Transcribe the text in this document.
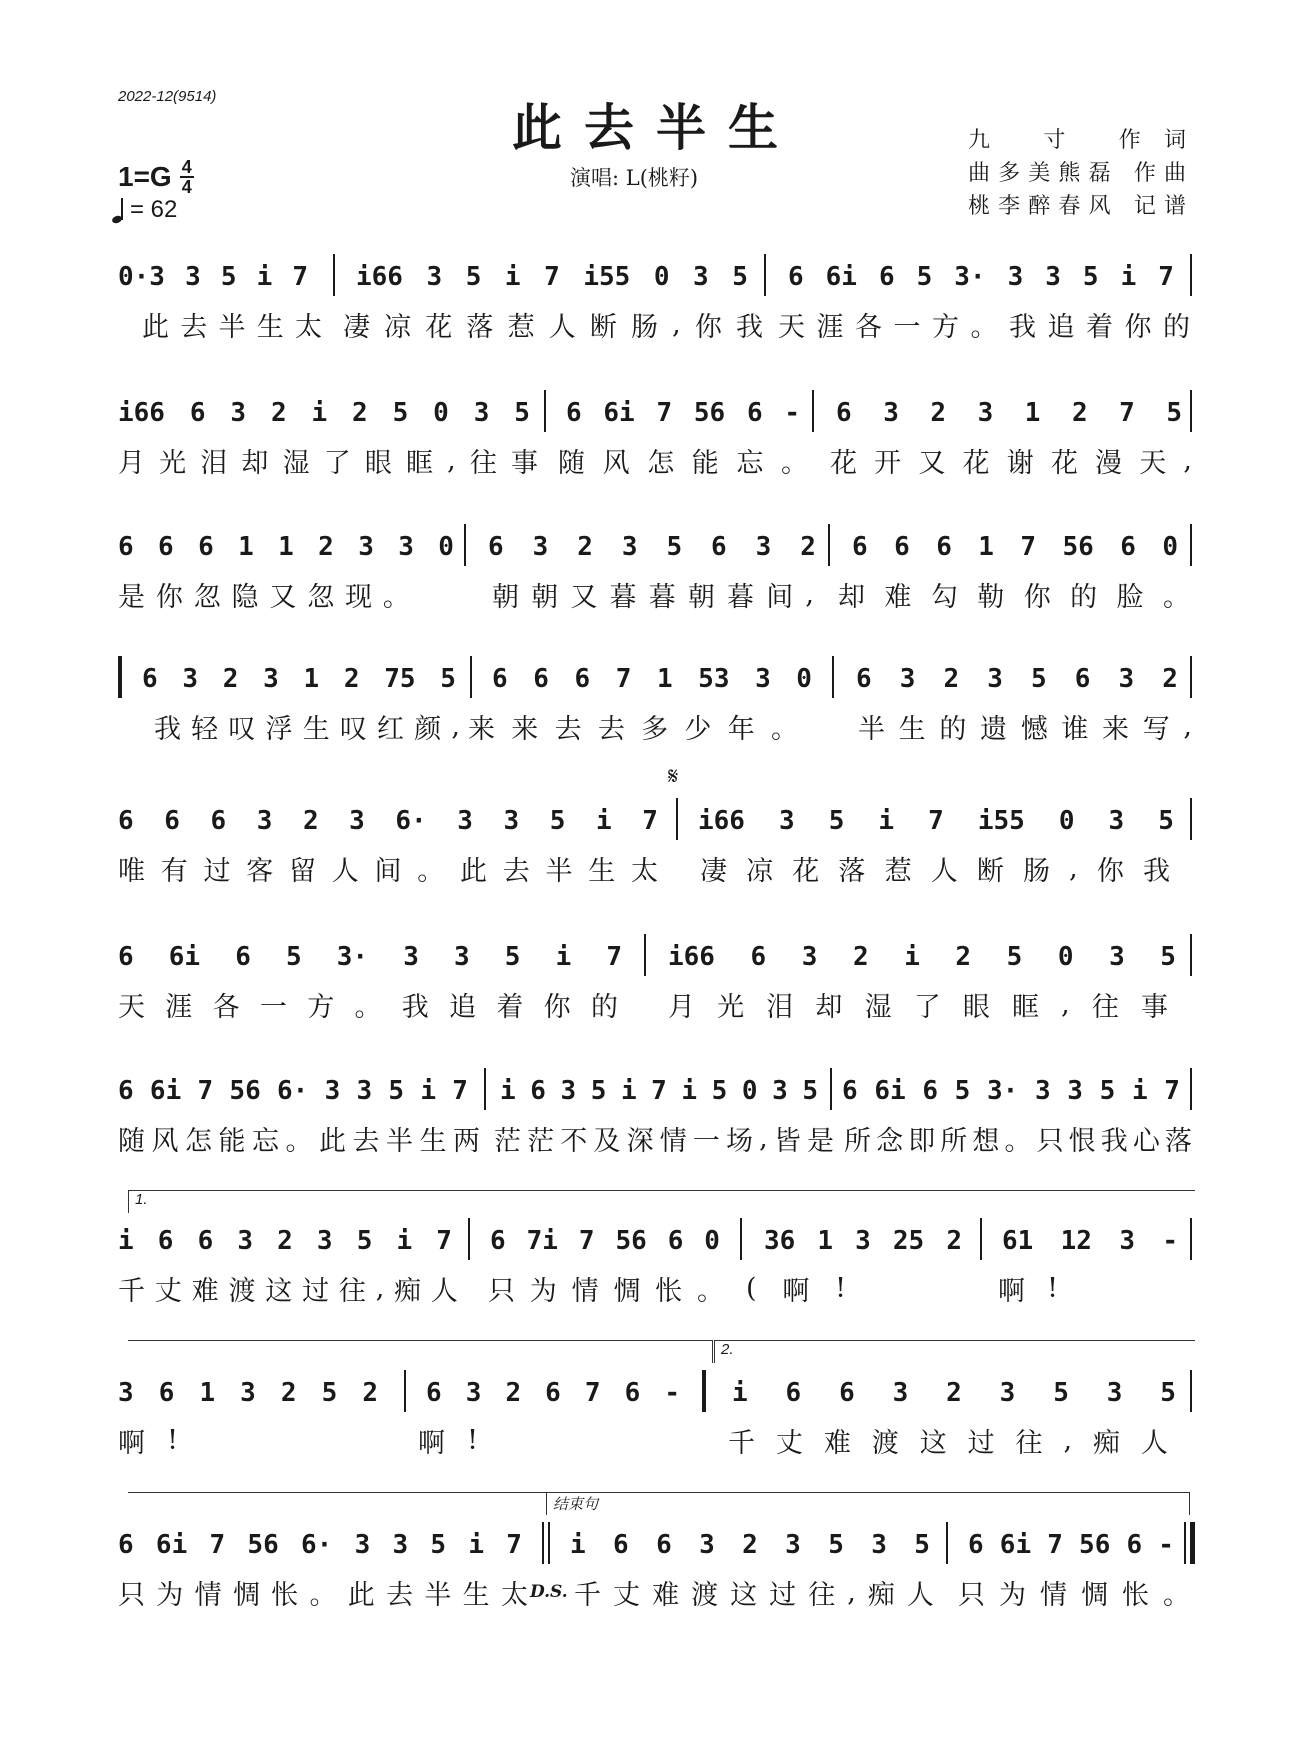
2022-12(9514)
此去半生
$1=G \frac{4}{4}$
= 62
演唱: L(桃籽)
九 寸 作词
曲多美熊磊 作曲
桃李醉春风 记谱
0·3 3 5 i 7 i66 3 5 i 7 i55 0 3 5 6 6i 6 5 3· 3 3 5 i 7
此 去 半 生 太 凄 凉 花 落 惹 人 断 肠 , 你 我 天 涯 各 一 方 。 我 追 着 你 的
i66 6 3 2 i 2 5 0 3 5 6 6i 7 56 6 - 6 3 2 3 1 2 7 5
月 光 泪 却 湿 了 眼 眶 , 往 事 随 风 怎 能 忘 。 花 开 又 花 谢 花 漫 天 ,
6 6 6 1 1 2 3 3 0 6 3 2 3 5 6 3 2 6 6 6 1 7 56 6 0
是 你 忽 隐 又 忽 现 。	朝 朝 又 暮 暮 朝 暮 间 , 却 难 勾 勒 你 的 脸 。
6 3 2 3 1 2 75 5 6 6 6 7 1 53 3 0 6 3 2 3 5 6 3 2
我 轻 叹 浮 生 叹 红 颜 , 来 来 去 去 多 少 年 。 半 生 的 遗 憾 谁 来 写 ,
𝄋
6 6 6 3 2 3 6· 3 3 5 i 7 i66 3 5 i 7 i55 0 3 5
唯 有 过 客 留 人 间 。 此 去 半 生 太 凄 凉 花 落 惹 人 断 肠 , 你 我
6 6i 6 5 3· 3 3 5 i 7 i66 6 3 2 i 2 5 0 3 5
天 涯 各 一 方 。 我 追 着 你 的 月 光 泪 却 湿 了 眼 眶 , 往 事
6 6i 7 56 6· 3 3 5 i 7 i 6 3 5 i 7 i 5 0 3 5 6 6i 6 5 3· 3 3 5 i 7
随 风 怎 能 忘 。 此 去 半 生 两 茫 茫 不 及 深 情 一 场 , 皆 是 所 念 即 所 想 。 只 恨 我 心 落
1.
i 6 6 3 2 3 5 i 7 6 7i 7 56 6 0 36 1 3 25 2 61 12 3 -
千 丈 难 渡 这 过 往 , 痴 人 只 为 情 惆 怅 。 ( 啊 !	啊 !
2.
3 6 1 3 2 5 2 6 3 2 6 7 6 - i 6 6 3 2 3 5 3 5
啊 !	啊 !	千 丈 难 渡 这 过 往 , 痴 人
结束句
6 6i 7 56 6· 3 3 5 i 7 i 6 6 3 2 3 5 3 5 6 6i 7 56 6 -
只 为 情 惆 怅 。 此 去 半 生 太 D.S. 千 丈 难 渡 这 过 往 , 痴 人 只 为 情 惆 怅 。
